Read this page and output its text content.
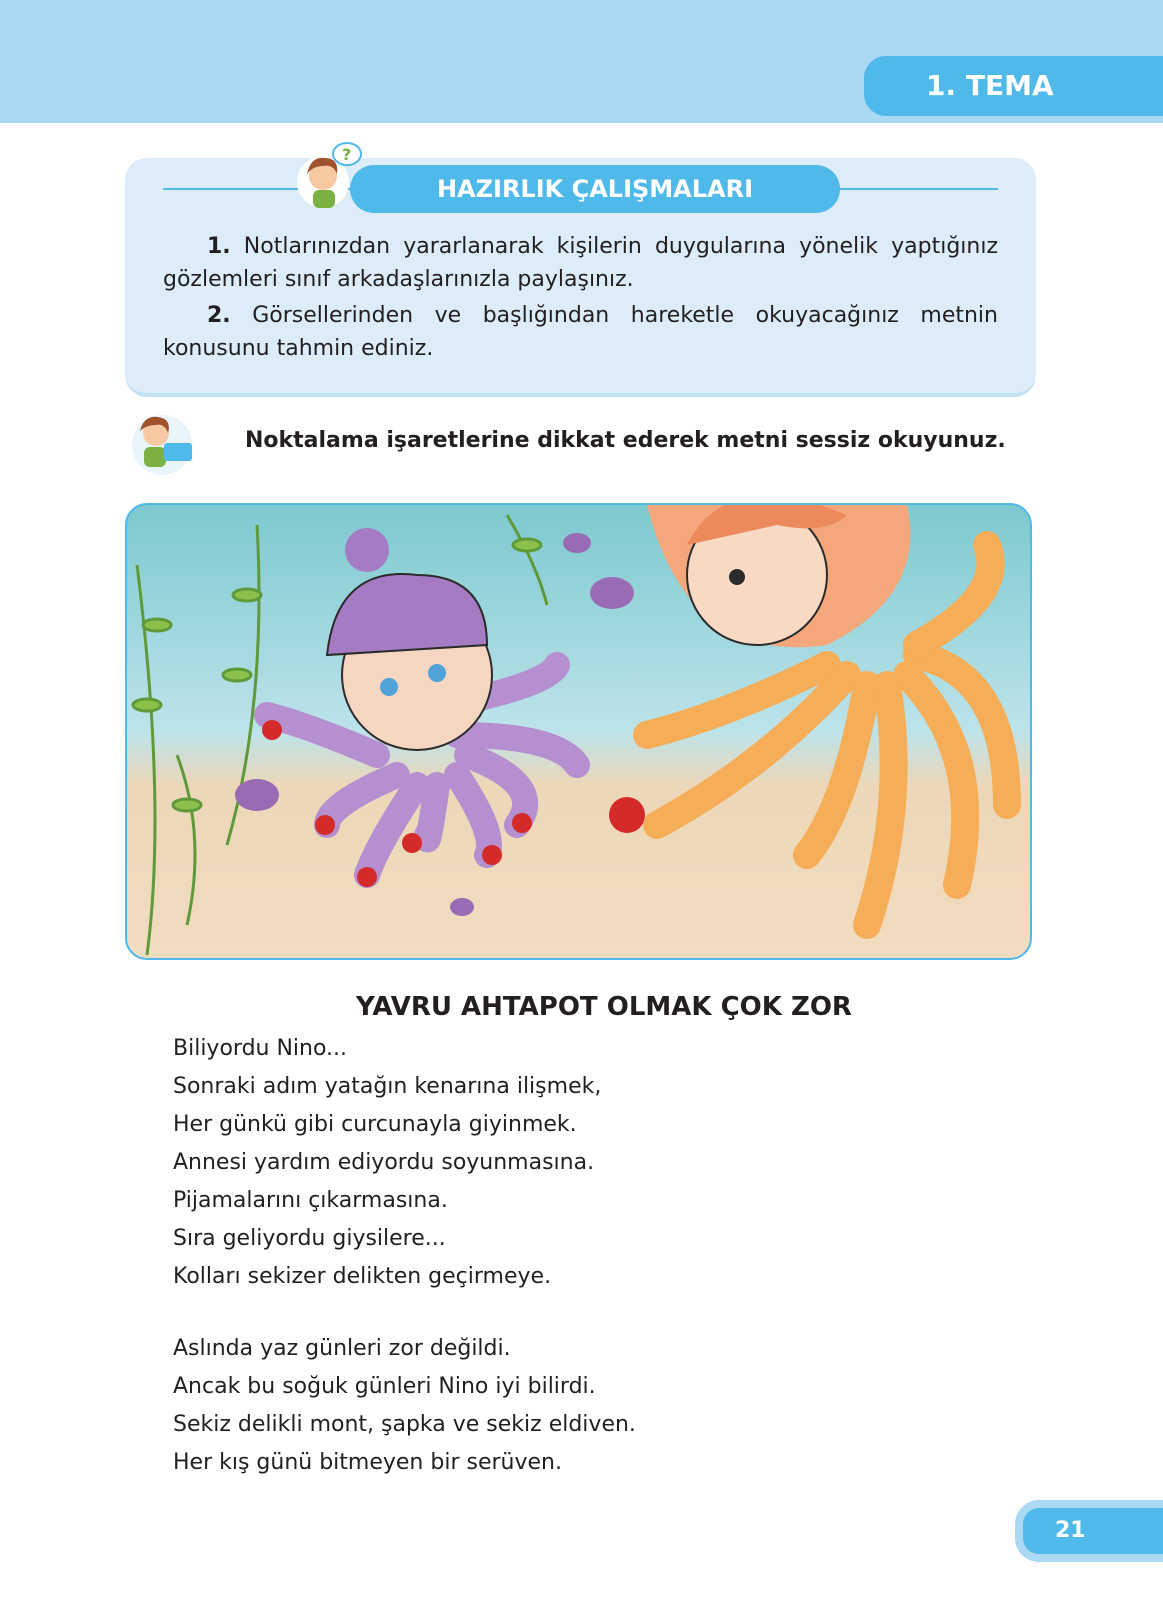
1. TEMA
HAZIRLIK ÇALIŞMALARI
?

1. Notlarınızdan yararlanarak kişilerin duygularına yönelik yaptığınız gözlemleri sınıf arkadaşlarınızla paylaşınız.

2. Görsellerinden ve başlığından hareketle okuyacağınız metnin konusunu tahmin ediniz.

Noktalama işaretlerine dikkat ederek metni sessiz okuyunuz.
YAVRU AHTAPOT OLMAK ÇOK ZOR
Biliyordu Nino...
Sonraki adım yatağın kenarına ilişmek,
Her günkü gibi curcunayla giyinmek.
Annesi yardım ediyordu soyunmasına.
Pijamalarını çıkarmasına.
Sıra geliyordu giysilere...
Kolları sekizer delikten geçirmeye.
Aslında yaz günleri zor değildi.
Ancak bu soğuk günleri Nino iyi bilirdi.
Sekiz delikli mont, şapka ve sekiz eldiven.
Her kış günü bitmeyen bir serüven.
21
